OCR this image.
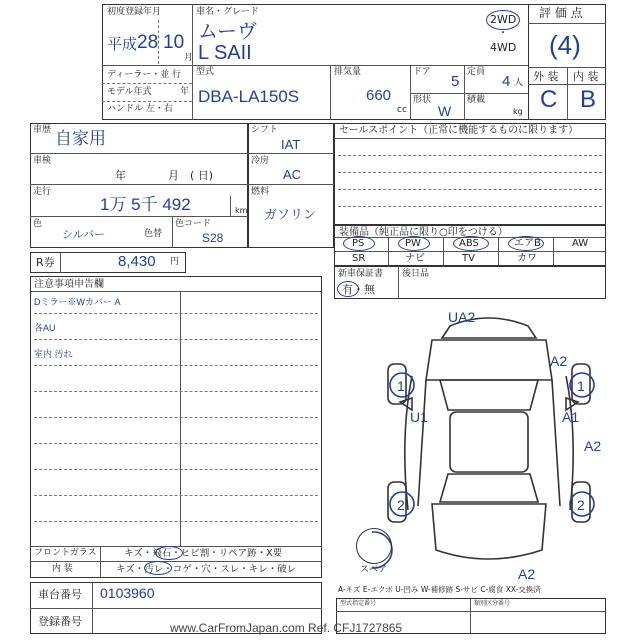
初度登録年月
平成 28 10
月
車名・グレード
ムーヴ
L SAII
2WD
・
4WD
評 価 点
(4)
ディーラー・並 行
モデル年式	年
ハンドル 左・右
型式
DBA-LA150S
排気量
660
cc
ドア
5
形状
W
定員
4 人
積載
kg
外 装 内 装
C B
車歴 自家用
車検
年	月 ( 日)
走行
1万 5千 492	km
色
シルバー	色替
色コード
S28
シフト
IAT
冷房
AC
燃料
ガソリン
R券	8,430 円
セールスポイント（正常に機能するものに限ります）
装備品（純正品に限り○印をつける）
PS	PW	ABS	エアB	AW
SR	ナビ	TV	カワ
新車保証書
有・無
後日品
注意事項申告欄
Dミラー※Wカバー A
各AU
室内 汚れ
フロントガラス	キズ・飛石・ヒビ割・リペア跡・X要
内 装	キズ・汚レ・コゲ・穴・スレ・キレ・破レ
車台番号 0103960
登録番号
型式指定番号	類別区分番号
A-キズ E-エクボ U-凹み W-補修跡 S-サビ C-腐食 XX-交換済
UA2
A2
A1
A2
U1
A2
1	1
2	2
スペア
www.CarFromJapan.com Ref. CFJ1727865
